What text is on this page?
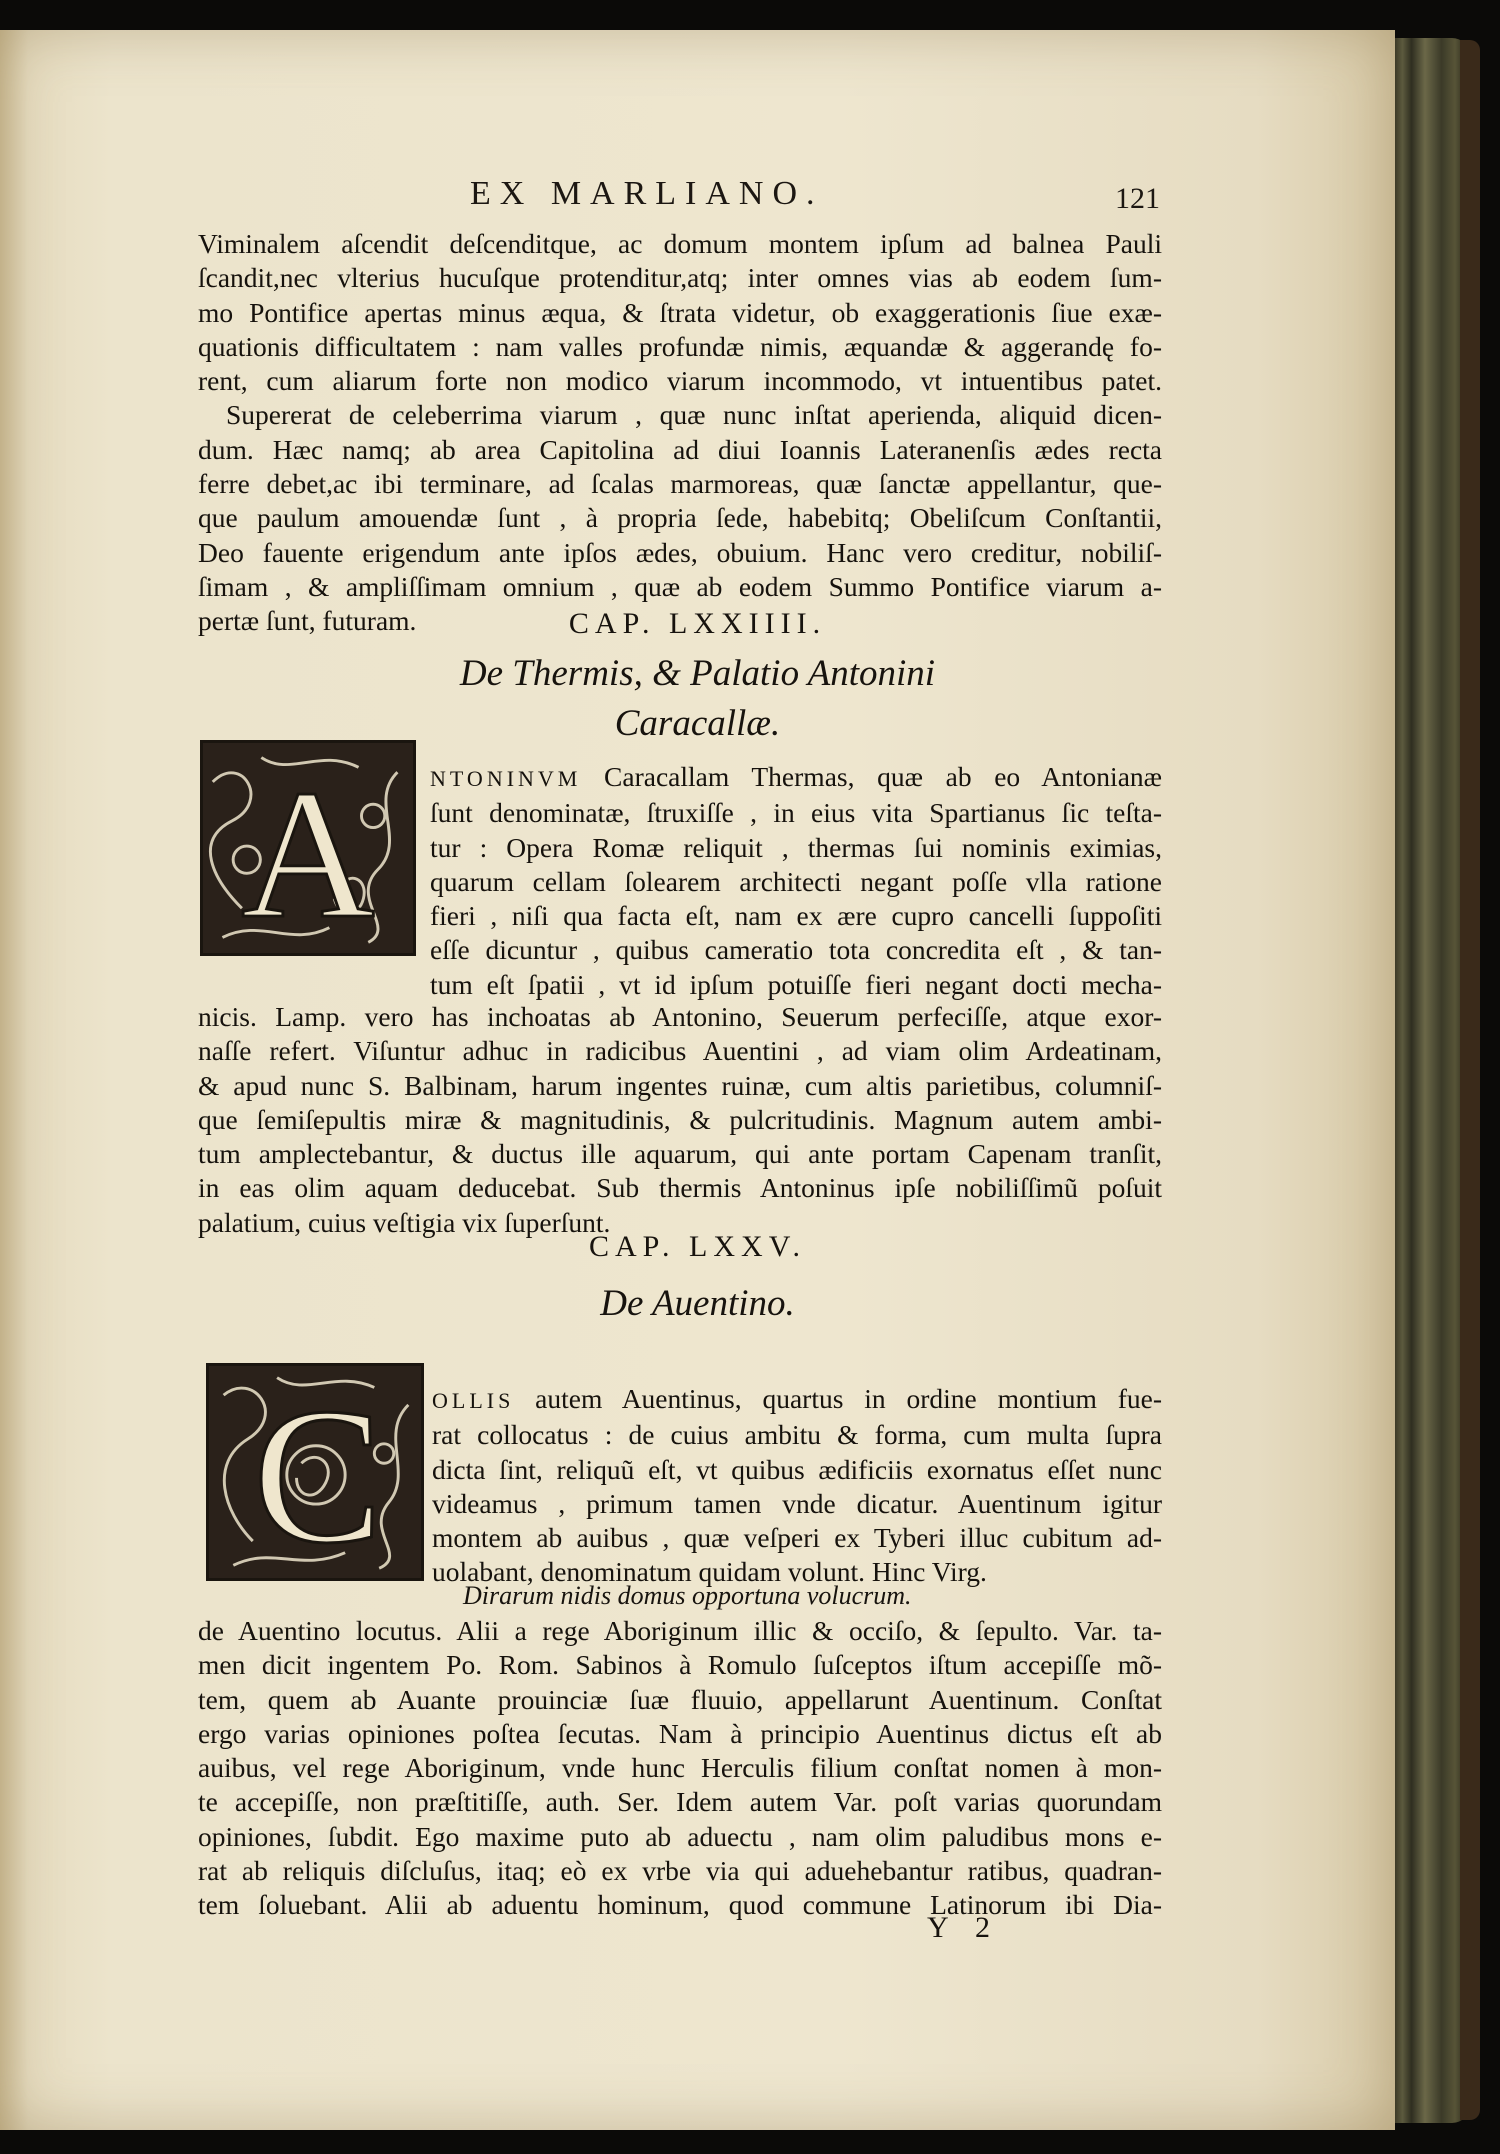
EX MARLIANO.	121
Viminalem aſcendit deſcenditque, ac domum montem ipſum ad balnea Pauli
ſcandit,nec vlterius hucuſque protenditur,atq; inter omnes vias ab eodem ſum-
mo Pontifice apertas minus æqua, & ſtrata videtur, ob exaggerationis ſiue exæ-
quationis difficultatem : nam valles profundæ nimis, æquandæ & aggerandę fo-
rent, cum aliarum forte non modico viarum incommodo, vt intuentibus patet.
Supererat de celeberrima viarum , quæ nunc inſtat aperienda, aliquid dicen-
dum. Hæc namq; ab area Capitolina ad diui Ioannis Lateranenſis ædes recta
ferre debet,ac ibi terminare, ad ſcalas marmoreas, quæ ſanctæ appellantur, que-
que paulum amouendæ ſunt , à propria ſede, habebitq; Obeliſcum Conſtantii,
Deo fauente erigendum ante ipſos ædes, obuium. Hanc vero creditur, nobiliſ-
ſimam , & ampliſſimam omnium , quæ ab eodem Summo Pontifice viarum a-
pertæ ſunt, futuram.	CAP. LXXIIII.
De Thermis, & Palatio Antonini
Caracallæ.
A	NTONINVM Caracallam Thermas, quæ ab eo Antonianæ
ſunt denominatæ, ſtruxiſſe , in eius vita Spartianus ſic teſta-
tur : Opera Romæ reliquit , thermas ſui nominis eximias,
quarum cellam ſolearem architecti negant poſſe vlla ratione
fieri , niſi qua facta eſt, nam ex ære cupro cancelli ſuppoſiti
eſſe dicuntur , quibus cameratio tota concredita eſt , & tan-
tum eſt ſpatii , vt id ipſum potuiſſe fieri negant docti mecha-
nicis. Lamp. vero has inchoatas ab Antonino, Seuerum perfeciſſe, atque exor-
naſſe refert. Viſuntur adhuc in radicibus Auentini , ad viam olim Ardeatinam,
& apud nunc S. Balbinam, harum ingentes ruinæ, cum altis parietibus, columniſ-
que ſemiſepultis miræ & magnitudinis, & pulcritudinis. Magnum autem ambi-
tum amplectebantur, & ductus ille aquarum, qui ante portam Capenam tranſit,
in eas olim aquam deducebat. Sub thermis Antoninus ipſe nobiliſſimũ poſuit
palatium, cuius veſtigia vix ſuperſunt.
CAP. LXXV.
De Auentino.
C OLLIS autem Auentinus, quartus in ordine montium fue-
rat collocatus : de cuius ambitu & forma, cum multa ſupra
dicta ſint, reliquũ eſt, vt quibus ædificiis exornatus eſſet nunc
videamus , primum tamen vnde dicatur. Auentinum igitur
montem ab auibus , quæ veſperi ex Tyberi illuc cubitum ad-
uolabant, denominatum quidam volunt. Hinc Virg.
Dirarum nidis domus opportuna volucrum.
de Auentino locutus. Alii a rege Aboriginum illic & occiſo, & ſepulto. Var. ta-
men dicit ingentem Po. Rom. Sabinos à Romulo ſuſceptos iſtum accepiſſe mõ-
tem, quem ab Auante prouinciæ ſuæ fluuio, appellarunt Auentinum. Conſtat
ergo varias opiniones poſtea ſecutas. Nam à principio Auentinus dictus eſt ab
auibus, vel rege Aboriginum, vnde hunc Herculis filium conſtat nomen à mon-
te accepiſſe, non præſtitiſſe, auth. Ser. Idem autem Var. poſt varias quorundam
opiniones, ſubdit. Ego maxime puto ab aduectu , nam olim paludibus mons e-
rat ab reliquis diſcluſus, itaq; eò ex vrbe via qui aduehebantur ratibus, quadran-
tem ſoluebant. Alii ab aduentu hominum, quod commune Latinorum ibi Dia-
Y 2
